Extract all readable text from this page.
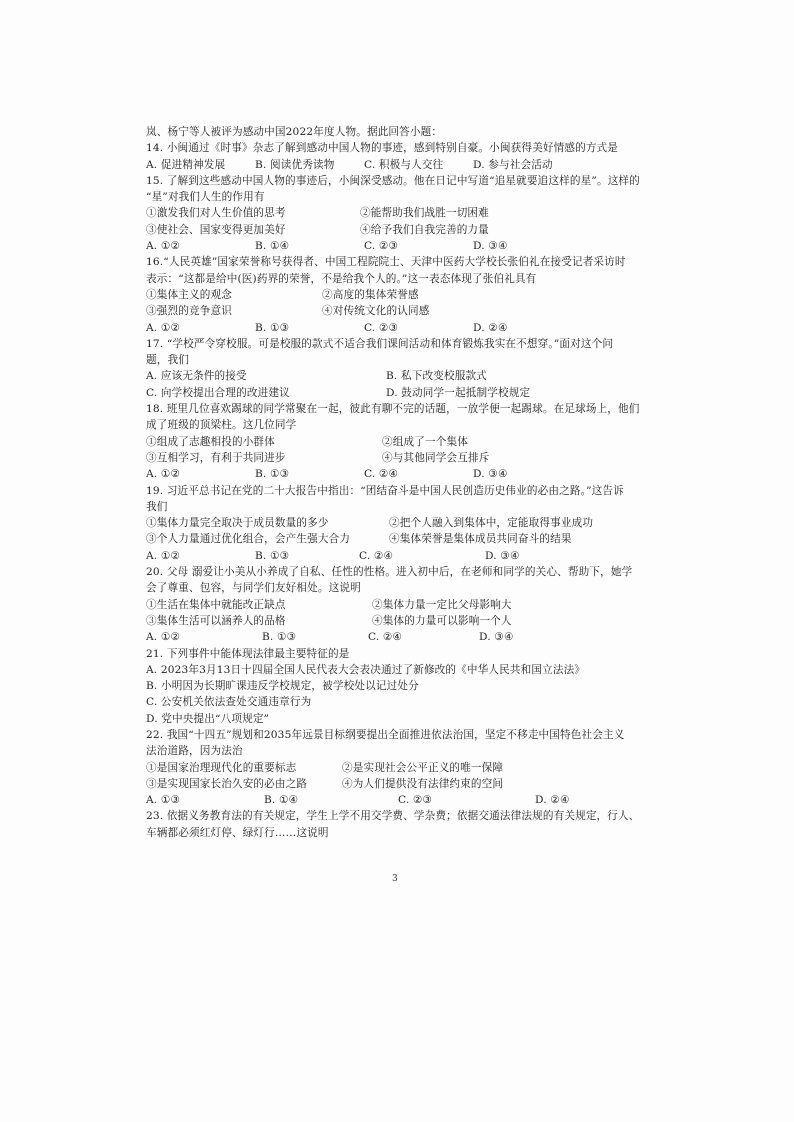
岚、杨宁等人被评为感动中国2022年度人物。据此回答小题：
14. 小闽通过《时事》杂志了解到感动中国人物的事迹，感到特别自豪。小闽获得美好情感的方式是
A. 促进精神发展	B. 阅读优秀读物	C. 积极与人交往	D. 参与社会活动
15. 了解到这些感动中国人物的事迹后，小闽深受感动。他在日记中写道“追星就要追这样的星”。这样的
“星”对我们人生的作用有
①激发我们对人生价值的思考	②能帮助我们战胜一切困难
③使社会、国家变得更加美好	④给予我们自我完善的力量
A. ①②	B. ①④	C. ②③	D. ③④
16.“人民英雄”国家荣誉称号获得者、中国工程院院士、天津中医药大学校长张伯礼在接受记者采访时
表示：“这都是给中(医)药界的荣誉，不是给我个人的。”这一表态体现了张伯礼具有
①集体主义的观念	②高度的集体荣誉感
③强烈的竞争意识	④对传统文化的认同感
A. ①②	B. ①③	C. ②③	D. ②④
17. “学校严令穿校服。可是校服的款式不适合我们课间活动和体育锻炼我实在不想穿。”面对这个问
题，我们
A. 应该无条件的接受	B. 私下改变校服款式
C. 向学校提出合理的改进建议	D. 鼓动同学一起抵制学校规定
18. 班里几位喜欢踢球的同学常聚在一起，彼此有聊不完的话题，一放学便一起踢球。在足球场上，他们
成了班级的顶梁柱。这几位同学
①组成了志趣相投的小群体	②组成了一个集体
③互相学习，有利于共同进步	④与其他同学会互排斥
A. ①②	B. ①③	C. ②④	D. ③④
19. 习近平总书记在党的二十大报告中指出：“团结奋斗是中国人民创造历史伟业的必由之路。”这告诉
我们
①集体力量完全取决于成员数量的多少	②把个人融入到集体中，定能取得事业成功
③个人力量通过优化组合，会产生强大合力	④集体荣誉是集体成员共同奋斗的结果
A. ①②	B. ①③	C. ②④	D. ③④
20. 父母 溺爱让小美从小养成了自私、任性的性格。进入初中后，在老师和同学的关心、帮助下，她学
会了尊重、包容，与同学们友好相处。这说明
①生活在集体中就能改正缺点	②集体力量一定比父母影响大
③集体生活可以涵养人的品格	④集体的力量可以影响一个人
A. ①②	B. ①③	C. ②④	D. ③④
21. 下列事件中能体现法律最主要特征的是
A. 2023年3月13日十四届全国人民代表大会表决通过了新修改的《中华人民共和国立法法》
B. 小明因为长期旷课违反学校规定，被学校处以记过处分
C. 公安机关依法查处交通违章行为
D. 党中央提出“八项规定”
22. 我国“十四五”规划和2035年远景目标纲要提出全面推进依法治国，坚定不移走中国特色社会主义
法治道路，因为法治
①是国家治理现代化的重要标志	②是实现社会公平正义的唯一保障
③是实现国家长治久安的必由之路	④为人们提供没有法律约束的空间
A. ①③	B. ①④	C. ②③	D. ②④
23. 依据义务教育法的有关规定，学生上学不用交学费、学杂费；依据交通法律法规的有关规定，行人、
车辆都必须红灯停、绿灯行……这说明
3
